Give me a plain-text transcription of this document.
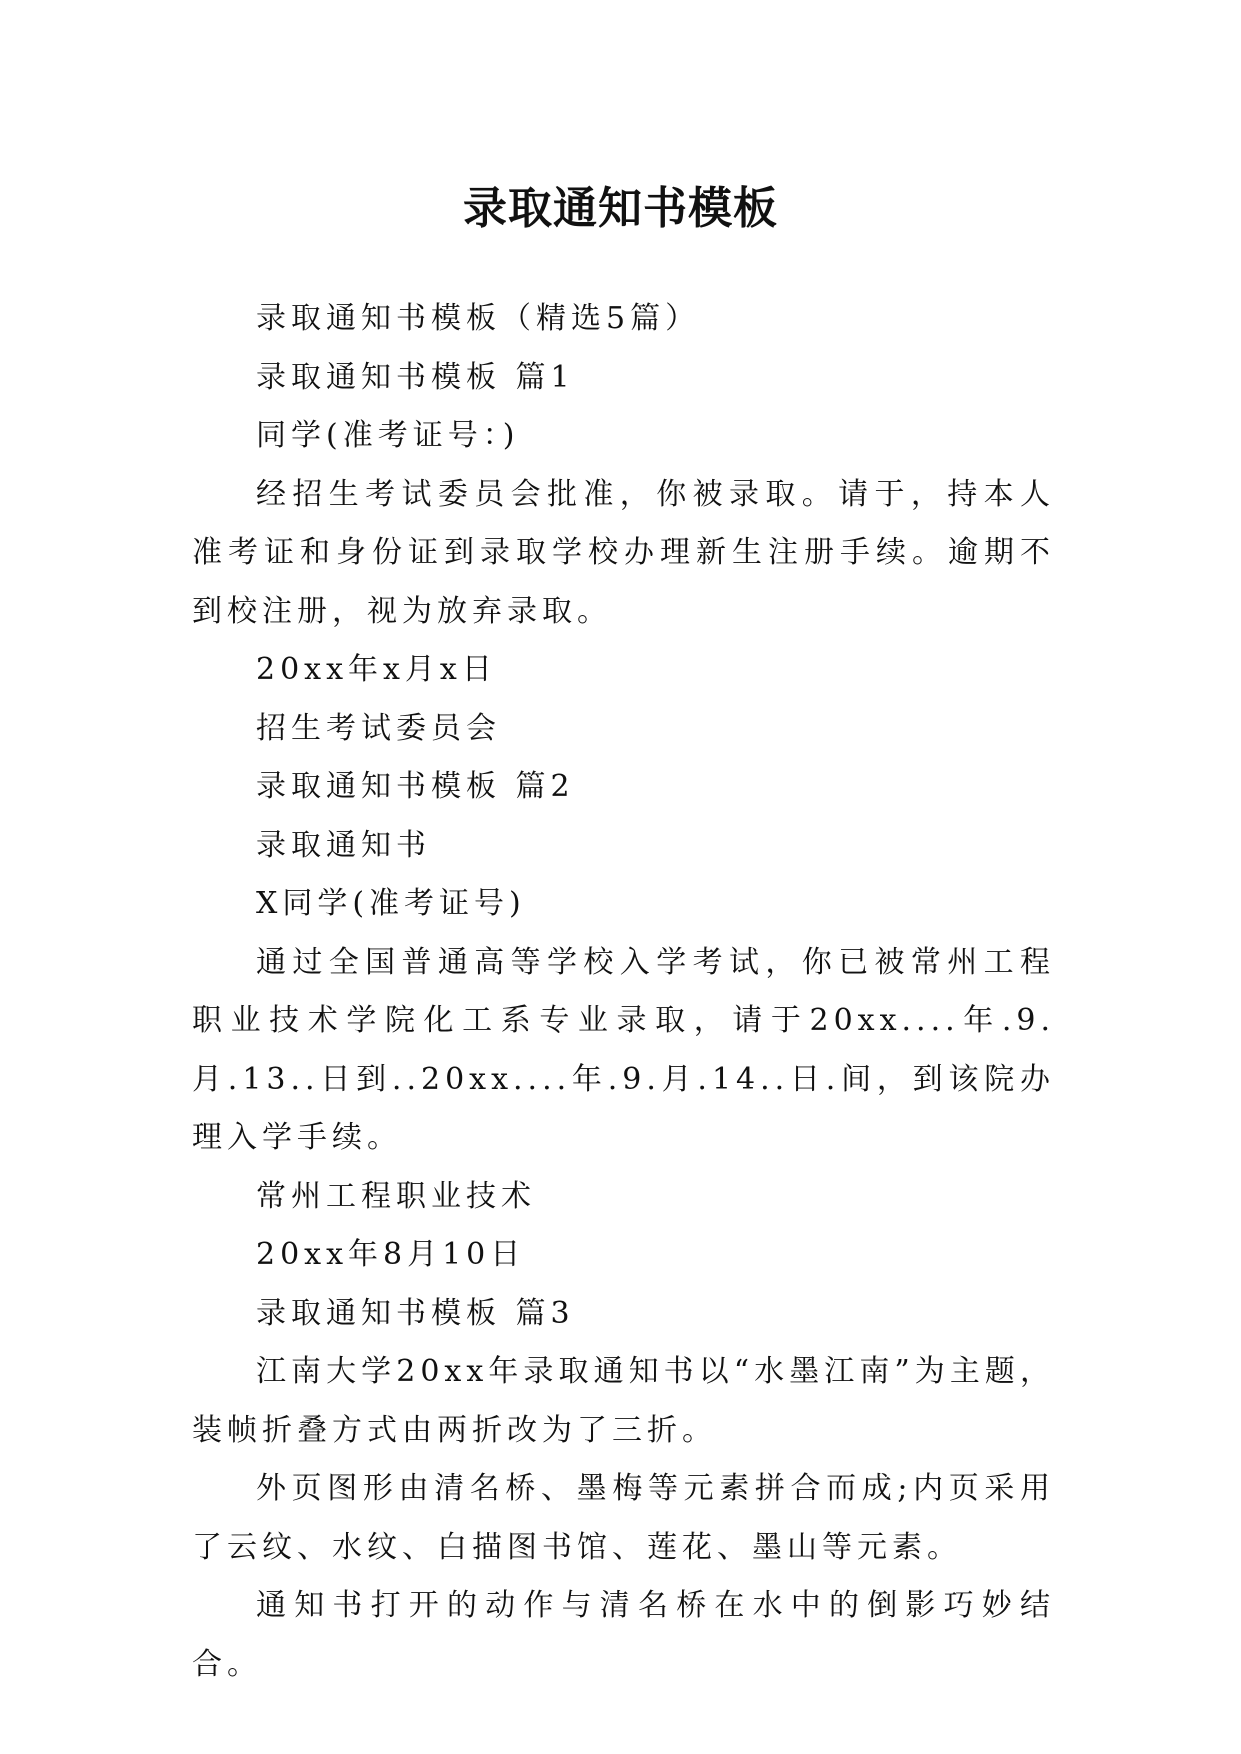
录取通知书模板

录取通知书模板（精选5篇）

录取通知书模板 篇1

同学(准考证号：)

经招生考试委员会批准，你被录取。请于，持本人准考证和身份证到录取学校办理新生注册手续。逾期不到校注册，视为放弃录取。

20xx年x月x日

招生考试委员会

录取通知书模板 篇2

录取通知书

X同学(准考证号)

通过全国普通高等学校入学考试，你已被常州工程职业技术学院化工系专业录取，请于20xx....年.9.月.13..日到..20xx....年.9.月.14..日.间，到该院办理入学手续。

常州工程职业技术

20xx年8月10日

录取通知书模板 篇3

江南大学20xx年录取通知书以“水墨江南”为主题，装帧折叠方式由两折改为了三折。

外页图形由清名桥、墨梅等元素拼合而成;内页采用了云纹、水纹、白描图书馆、莲花、墨山等元素。

通知书打开的动作与清名桥在水中的倒影巧妙结合。
